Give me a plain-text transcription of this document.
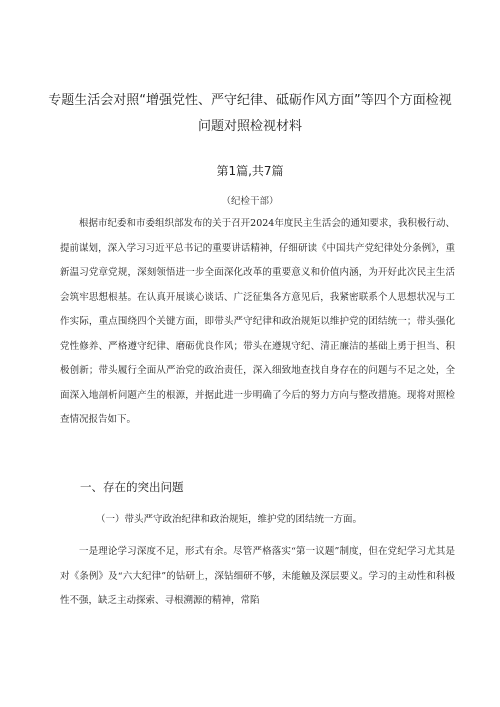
专题生活会对照“增强党性、严守纪律、砥砺作风方面”等四个方面检视
问题对照检视材料
第1篇,共7篇
（纪检干部）

根据市纪委和市委组织部发布的关于召开2024年度民主生活会的通知要求，我积极行动、提前谋划，深入学习习近平总书记的重要讲话精神，仔细研读《中国共产党纪律处分条例》，重新温习党章党规，深刻领悟进一步全面深化改革的重要意义和价值内涵，为开好此次民主生活会筑牢思想根基。在认真开展谈心谈话、广泛征集各方意见后，我紧密联系个人思想状况与工作实际，重点围绕四个关键方面，即带头严守纪律和政治规矩以维护党的团结统一；带头强化党性修养、严格遵守纪律、磨砺优良作风；带头在遵规守纪、清正廉洁的基础上勇于担当、积极创新；带头履行全面从严治党的政治责任，深入细致地查找自身存在的问题与不足之处，全面深入地剖析问题产生的根源，并据此进一步明确了今后的努力方向与整改措施。现将对照检查情况报告如下。

一、存在的突出问题
（一）带头严守政治纪律和政治规矩，维护党的团结统一方面。

一是理论学习深度不足，形式有余。尽管严格落实“第一议题”制度，但在党纪学习尤其是对《条例》及“六大纪律”的钻研上，深钻细研不够，未能触及深层要义。学习的主动性和科极性不强，缺乏主动探索、寻根溯源的精神，常陷
